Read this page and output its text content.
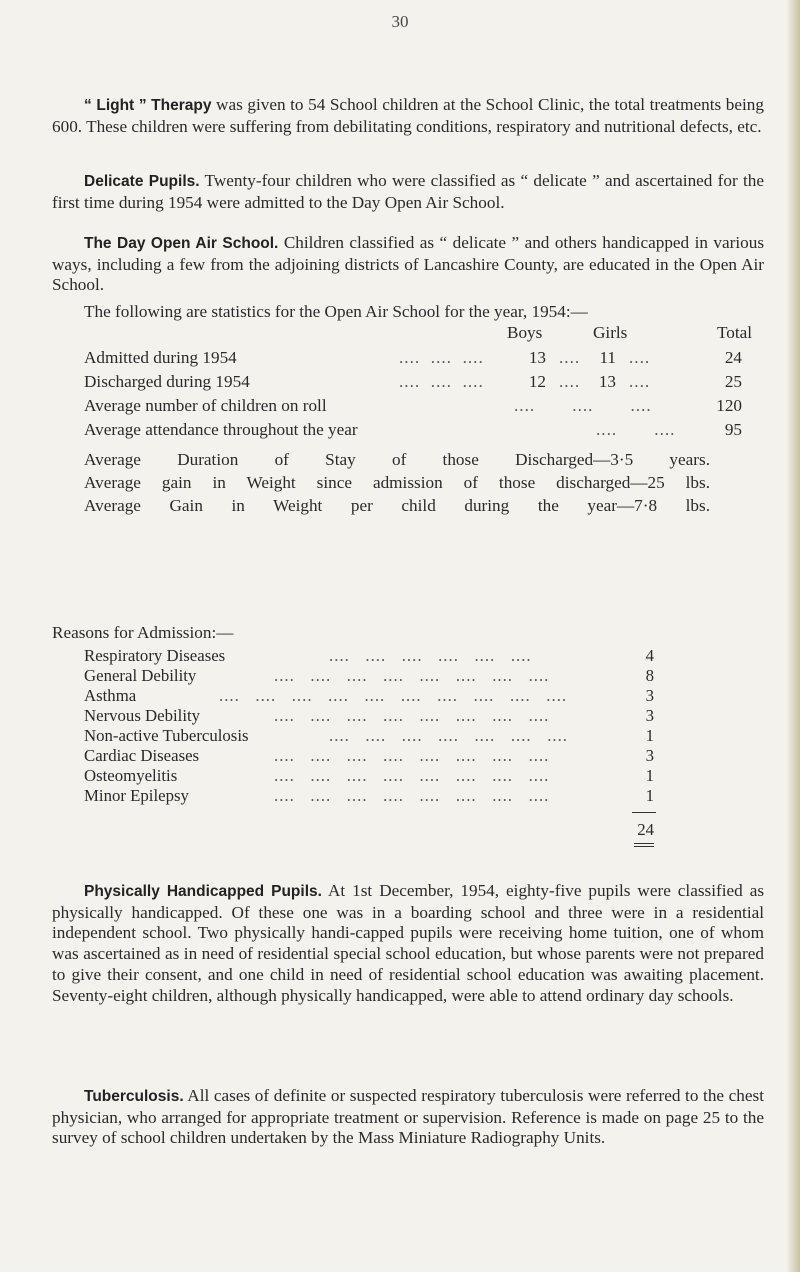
30

“ Light ” Therapy was given to 54 School children at the School Clinic, the total treatments being 600. These children were suffering from debilitating conditions, respiratory and nutritional defects, etc.

Delicate Pupils. Twenty-four children who were classified as “ delicate ” and ascertained for the first time during 1954 were admitted to the Day Open Air School.

The Day Open Air School. Children classified as “ delicate ” and others handicapped in various ways, including a few from the adjoining districts of Lancashire County, are educated in the Open Air School.

The following are statistics for the Open Air School for the year, 1954:—

Boys	Girls	Total
Admitted during 1954	....  ....  ....	13 ....	11 ....	24
Discharged during 1954	....  ....  ....	12 .... 13 ....	25
Average number of children on roll	....       ....       ....	120
Average attendance throughout the year	....       ....	95
Average Duration of Stay of those Discharged—3·5 years.
Average gain in Weight since admission of those discharged—25 lbs.
Average Gain in Weight per child during the year—7·8 lbs.
Reasons for Admission:—
Respiratory Diseases	....   ....   ....   ....   ....   ....	4
General Debility	....   ....   ....   ....   ....   ....   ....   ....	8
Asthma	....   ....   ....   ....   ....   ....   ....   ....   ....   ....	3
Nervous Debility	....   ....   ....   ....   ....   ....   ....   ....	3
Non-active Tuberculosis	....   ....   ....   ....   ....   ....   ....	1
Cardiac Diseases	....   ....   ....   ....   ....   ....   ....   ....	3
Osteomyelitis	....   ....   ....   ....   ....   ....   ....   ....	1
Minor Epilepsy	....   ....   ....   ....   ....   ....   ....   ....	1
24

Physically Handicapped Pupils. At 1st December, 1954, eighty-five pupils were classified as physically handicapped. Of these one was in a boarding school and three were in a residential independent school. Two physically handi-capped pupils were receiving home tuition, one of whom was ascertained as in need of residential special school education, but whose parents were not prepared to give their consent, and one child in need of residential school education was awaiting placement. Seventy-eight children, although physically handicapped, were able to attend ordinary day schools.

Tuberculosis. All cases of definite or suspected respiratory tuberculosis were referred to the chest physician, who arranged for appropriate treatment or supervision. Reference is made on page 25 to the survey of school children undertaken by the Mass Miniature Radiography Units.
